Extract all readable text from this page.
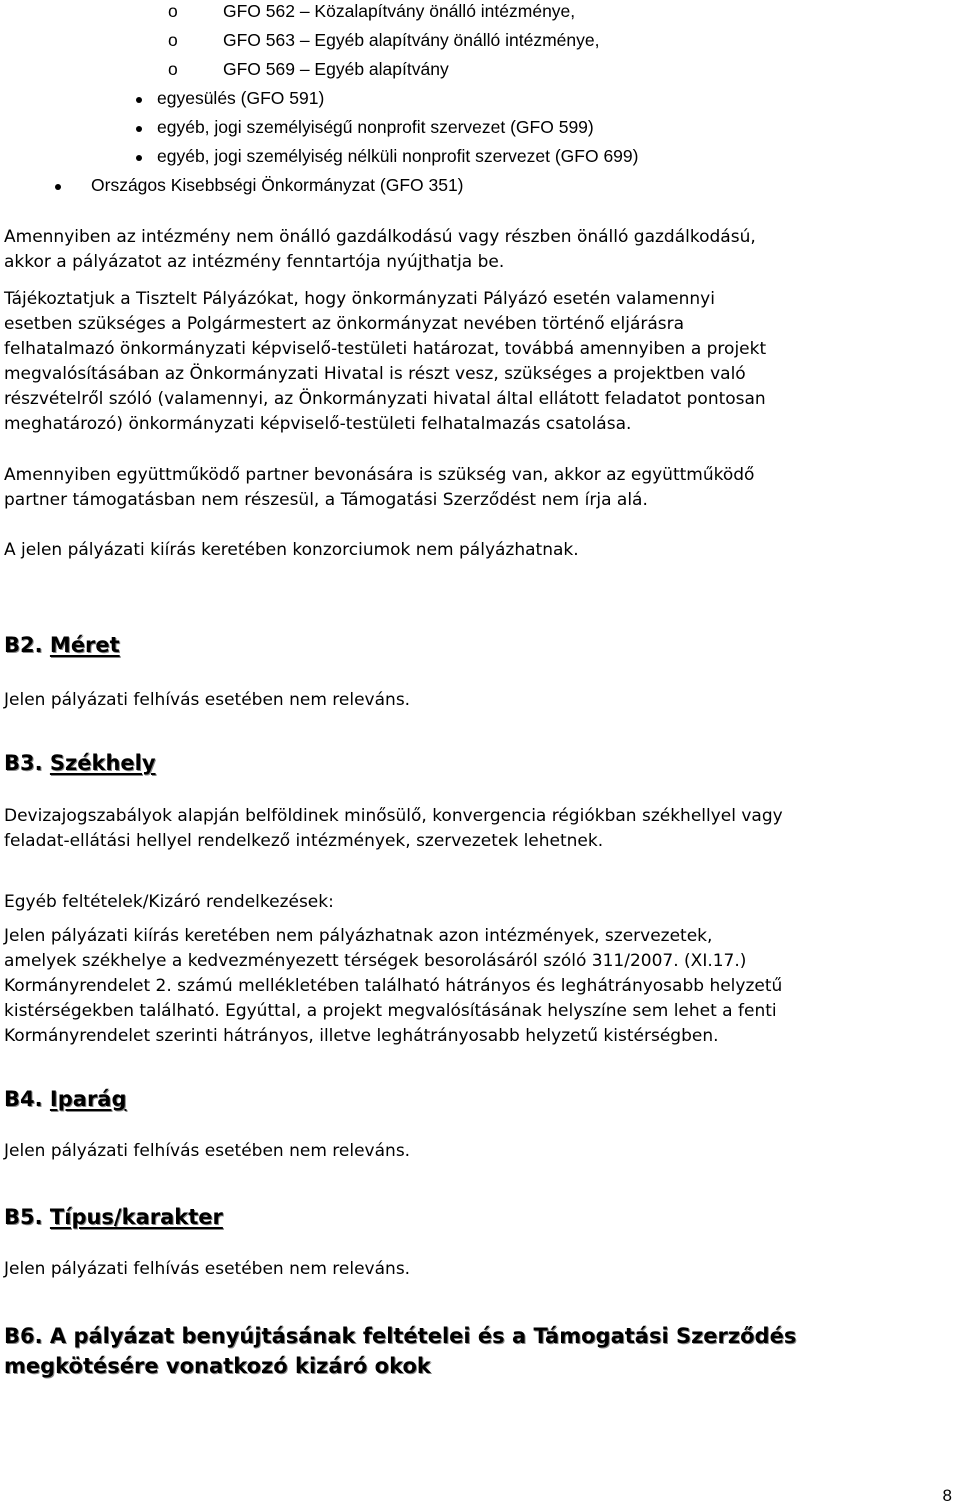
o	GFO 562 – Közalapítvány önálló intézménye,
o	GFO 563 – Egyéb alapítvány önálló intézménye,
o	GFO 569 – Egyéb alapítvány
egyesülés (GFO 591)
egyéb, jogi személyiségű nonprofit szervezet (GFO 599)
egyéb, jogi személyiség nélküli nonprofit szervezet (GFO 699)
Országos Kisebbségi Önkormányzat (GFO 351)
Amennyiben az intézmény nem önálló gazdálkodású vagy részben önálló gazdálkodású,
akkor a pályázatot az intézmény fenntartója nyújthatja be.
Tájékoztatjuk a Tisztelt Pályázókat, hogy önkormányzati Pályázó esetén valamennyi
esetben szükséges a Polgármestert az önkormányzat nevében történő eljárásra
felhatalmazó önkormányzati képviselő-testületi határozat, továbbá amennyiben a projekt
megvalósításában az Önkormányzati Hivatal is részt vesz, szükséges a projektben való
részvételről szóló (valamennyi, az Önkormányzati hivatal által ellátott feladatot pontosan
meghatározó) önkormányzati képviselő-testületi felhatalmazás csatolása.
Amennyiben együttműködő partner bevonására is szükség van, akkor az együttműködő
partner támogatásban nem részesül, a Támogatási Szerződést nem írja alá.
A jelen pályázati kiírás keretében konzorciumok nem pályázhatnak.
B2. Méret
Jelen pályázati felhívás esetében nem releváns.
B3. Székhely
Devizajogszabályok alapján belföldinek minősülő, konvergencia régiókban székhellyel vagy
feladat-ellátási hellyel rendelkező intézmények, szervezetek lehetnek.
Egyéb feltételek/Kizáró rendelkezések:
Jelen pályázati kiírás keretében nem pályázhatnak azon intézmények, szervezetek,
amelyek székhelye a kedvezményezett térségek besorolásáról szóló 311/2007. (XI.17.)
Kormányrendelet 2. számú mellékletében található hátrányos és leghátrányosabb helyzetű
kistérségekben található. Egyúttal, a projekt megvalósításának helyszíne sem lehet a fenti
Kormányrendelet szerinti hátrányos, illetve leghátrányosabb helyzetű kistérségben.
B4. Iparág
Jelen pályázati felhívás esetében nem releváns.
B5. Típus/karakter
Jelen pályázati felhívás esetében nem releváns.
B6. A pályázat benyújtásának feltételei és a Támogatási Szerződés
megkötésére vonatkozó kizáró okok
8
